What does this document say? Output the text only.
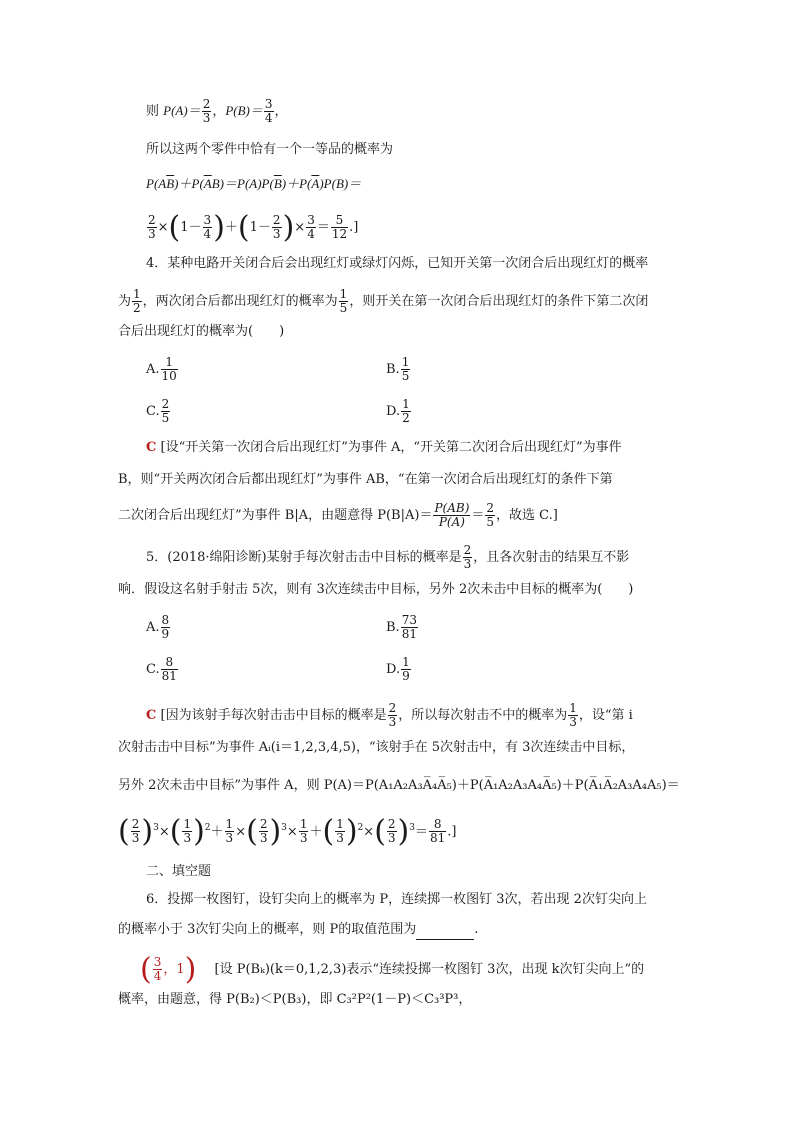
则 $P(A)= \frac{2}{3}$ ，$P(B)= \frac{3}{4}$ ，
所以这两个零件中恰有一个一等品的概率为
$P(A\overline{B})+P(\overline{A}B)=P(A)P(\overline{B})+P(\overline{A})P(B)=$
$\frac{2}{3} \times(1- \frac{3}{4} )+(1- \frac{2}{3}$ )× $\frac{3}{4} = \frac{5}{12}$ .]
4．某种电路开关闭合后会出现红灯或绿灯闪烁，已知开关第一次闭合后出现红灯的概率
为 $\frac{1}{2}$ ，两次闭合后都出现红灯的概率为 $\frac{1}{5}$ ，则开关在第一次闭合后出现红灯的条件下第二次闭
合后出现红灯的概率为(　　)
A. $\frac{1}{10}$	B. $\frac{1}{5}$
C. $\frac{2}{5}$	D. $\frac{1}{2}$
C [设“开关第一次闭合后出现红灯”为事件 A，“开关第二次闭合后出现红灯”为事件
B，则“开关两次闭合后都出现红灯”为事件 AB，“在第一次闭合后出现红灯的条件下第
二次闭合后出现红灯”为事件 B|A，由题意得 $P(B|A)= \frac{P(AB)}{P(A)} = \frac{2}{5}$ ，故选 C.]
5．(2018·绵阳诊断)某射手每次射击击中目标的概率是 $\frac{2}{3}$ ，且各次射击的结果互不影
响．假设这名射手射击 5次，则有 3次连续击中目标，另外 2次未击中目标的概率为(　　)
A. $\frac{8}{9}$	B. $\frac{73}{81}$
C. $\frac{8}{81}$	D. $\frac{1}{9}$
C [因为该射手每次射击击中目标的概率是 $\frac{2}{3}$ ，所以每次射击不中的概率为 $\frac{1}{3}$ ，设“第 i
次射击击中目标”为事件 Aᵢ(i＝1,2,3,4,5)，“该射手在 5次射击中，有 3次连续击中目标，
另外 2次未击中目标”为事件 A，则 P(A)＝P(A₁A₂A₃A̅₄A̅₅)＋P(A̅₁A₂A₃A₄A̅₅)＋P(A̅₁A̅₂A₃A₄A₅)＝
( $\frac{2}{3} )^3\times( \frac{1}{3} )^2+ \frac{1}{3}$ ×( $\frac{2}{3} )^3\times \frac{1}{3}$ ＋( $\frac{1}{3} )^2\times( \frac{2}{3} )^3= \frac{8}{81}$ .]
二、填空题
6．投掷一枚图钉，设钉尖向上的概率为 P，连续掷一枚图钉 3次，若出现 2次钉尖向上
的概率小于 3次钉尖向上的概率，则 P的取值范围为	.
( $\frac{3}{4}$ ，1) [设 P(Bₖ)(k＝0,1,2,3)表示“连续投掷一枚图钉 3次，出现 k次钉尖向上”的
概率，由题意，得 P(B₂)＜P(B₃)，即 C₃²P²(1－P)＜C₃³P³，
